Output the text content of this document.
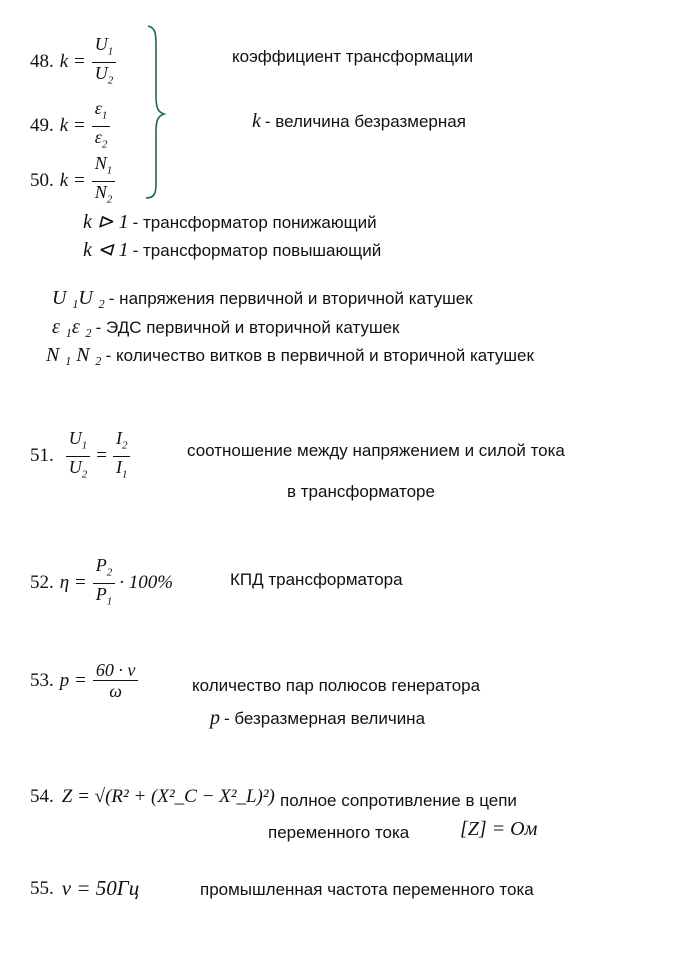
48. $k = \frac{U_1}{U_2}$
49. $k = \frac{\varepsilon_1}{\varepsilon_2}$
50. $k = \frac{N_1}{N_2}$
коэффициент трансформации
k - величина безразмерная
k ⊳ 1 - трансформатор понижающий
k ⊲ 1 - трансформатор повышающий
U ₁U ₂ - напряжения первичной и вторичной катушек
ε ₁ε ₂ - ЭДС первичной и вторичной катушек
N ₁ N ₂ - количество витков в первичной и вторичной катушек
51. $\frac{U_1}{U_2} = \frac{I_2}{I_1}$	соотношение между напряжением и силой тока
в трансформаторе
52. $\eta = \frac{P_2}{P_1} \cdot 100\%$	КПД трансформатора
53. $p = \frac{60 \cdot \nu}{\omega}$	количество пар полюсов генератора
p - безразмерная величина
54. Z = √(R² + (X²_C − X²_L)²) полное сопротивление в цепи
переменного тока	[Z] = Ом
55. ν = 50Гц	промышленная частота переменного тока
